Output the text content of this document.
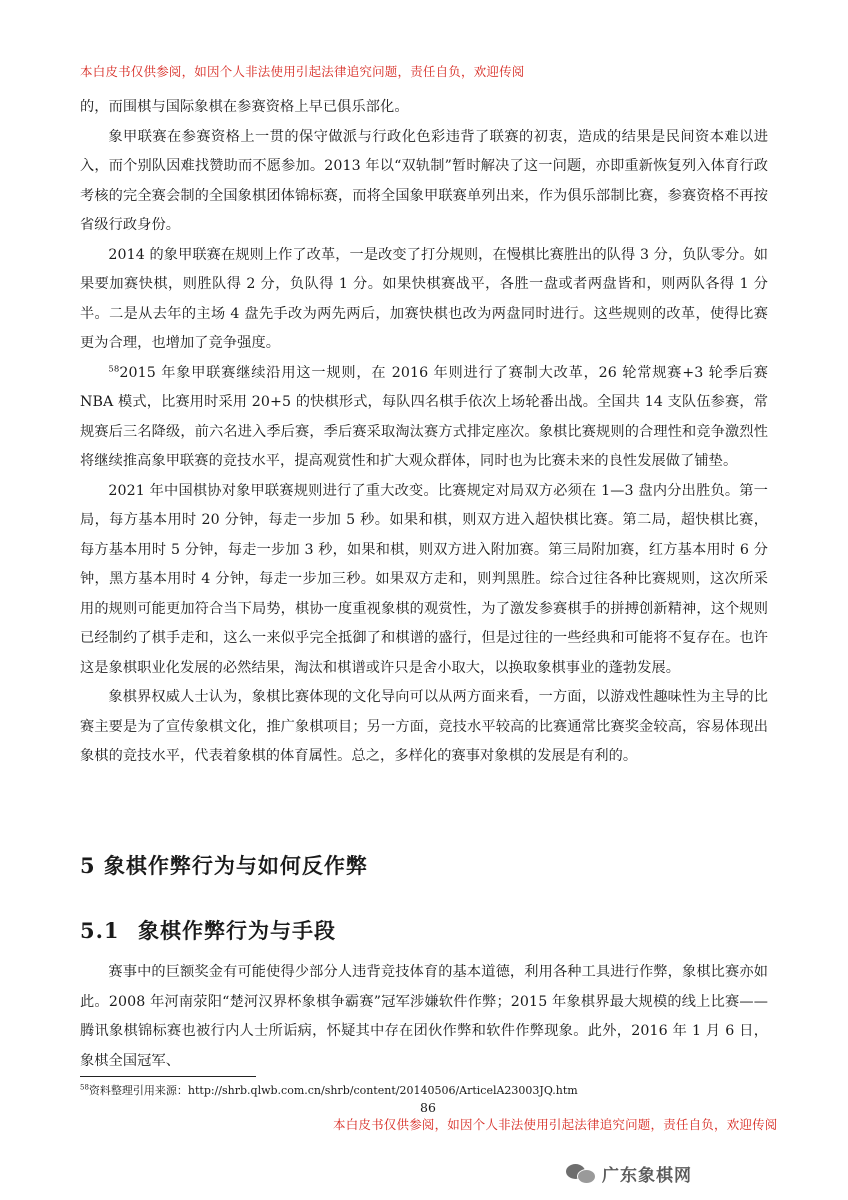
本白皮书仅供参阅，如因个人非法使用引起法律追究问题，责任自负，欢迎传阅

的，而围棋与国际象棋在参赛资格上早已俱乐部化。

象甲联赛在参赛资格上一贯的保守做派与行政化色彩违背了联赛的初衷，造成的结果是民间资本难以进入，而个别队因难找赞助而不愿参加。2013 年以“双轨制”暂时解决了这一问题，亦即重新恢复列入体育行政考核的完全赛会制的全国象棋团体锦标赛，而将全国象甲联赛单列出来，作为俱乐部制比赛，参赛资格不再按省级行政身份。

2014 的象甲联赛在规则上作了改革，一是改变了打分规则，在慢棋比赛胜出的队得 3 分，负队零分。如果要加赛快棋，则胜队得 2 分，负队得 1 分。如果快棋赛战平，各胜一盘或者两盘皆和，则两队各得 1 分半。二是从去年的主场 4 盘先手改为两先两后，加赛快棋也改为两盘同时进行。这些规则的改革，使得比赛更为合理，也增加了竞争强度。

$^{58}$2015 年象甲联赛继续沿用这一规则，在 2016 年则进行了赛制大改革，26 轮常规赛+3 轮季后赛 NBA 模式，比赛用时采用 20+5 的快棋形式，每队四名棋手依次上场轮番出战。全国共 14 支队伍参赛，常规赛后三名降级，前六名进入季后赛，季后赛采取淘汰赛方式排定座次。象棋比赛规则的合理性和竞争激烈性将继续推高象甲联赛的竞技水平，提高观赏性和扩大观众群体，同时也为比赛未来的良性发展做了铺垫。

2021 年中国棋协对象甲联赛规则进行了重大改变。比赛规定对局双方必须在 1—3 盘内分出胜负。第一局，每方基本用时 20 分钟，每走一步加 5 秒。如果和棋，则双方进入超快棋比赛。第二局，超快棋比赛，每方基本用时 5 分钟，每走一步加 3 秒，如果和棋，则双方进入附加赛。第三局附加赛，红方基本用时 6 分钟，黑方基本用时 4 分钟，每走一步加三秒。如果双方走和，则判黑胜。综合过往各种比赛规则，这次所采用的规则可能更加符合当下局势，棋协一度重视象棋的观赏性，为了激发参赛棋手的拼搏创新精神，这个规则已经制约了棋手走和，这么一来似乎完全抵御了和棋谱的盛行，但是过往的一些经典和可能将不复存在。也许这是象棋职业化发展的必然结果，淘汰和棋谱或许只是舍小取大，以换取象棋事业的蓬勃发展。

象棋界权威人士认为，象棋比赛体现的文化导向可以从两方面来看，一方面，以游戏性趣味性为主导的比赛主要是为了宣传象棋文化，推广象棋项目；另一方面，竞技水平较高的比赛通常比赛奖金较高，容易体现出象棋的竞技水平，代表着象棋的体育属性。总之，多样化的赛事对象棋的发展是有利的。

5 象棋作弊行为与如何反作弊
5.1 象棋作弊行为与手段

赛事中的巨额奖金有可能使得少部分人违背竞技体育的基本道德，利用各种工具进行作弊，象棋比赛亦如此。2008 年河南荥阳“楚河汉界杯象棋争霸赛”冠军涉嫌软件作弊；2015 年象棋界最大规模的线上比赛——腾讯象棋锦标赛也被行内人士所诟病，怀疑其中存在团伙作弊和软件作弊现象。此外，2016 年 1 月 6 日，象棋全国冠军、

$^{58}$资料整理引用来源：http://shrb.qlwb.com.cn/shrb/content/20140506/ArticelA23003JQ.htm
86
本白皮书仅供参阅，如因个人非法使用引起法律追究问题，责任自负，欢迎传阅
广东象棋网
